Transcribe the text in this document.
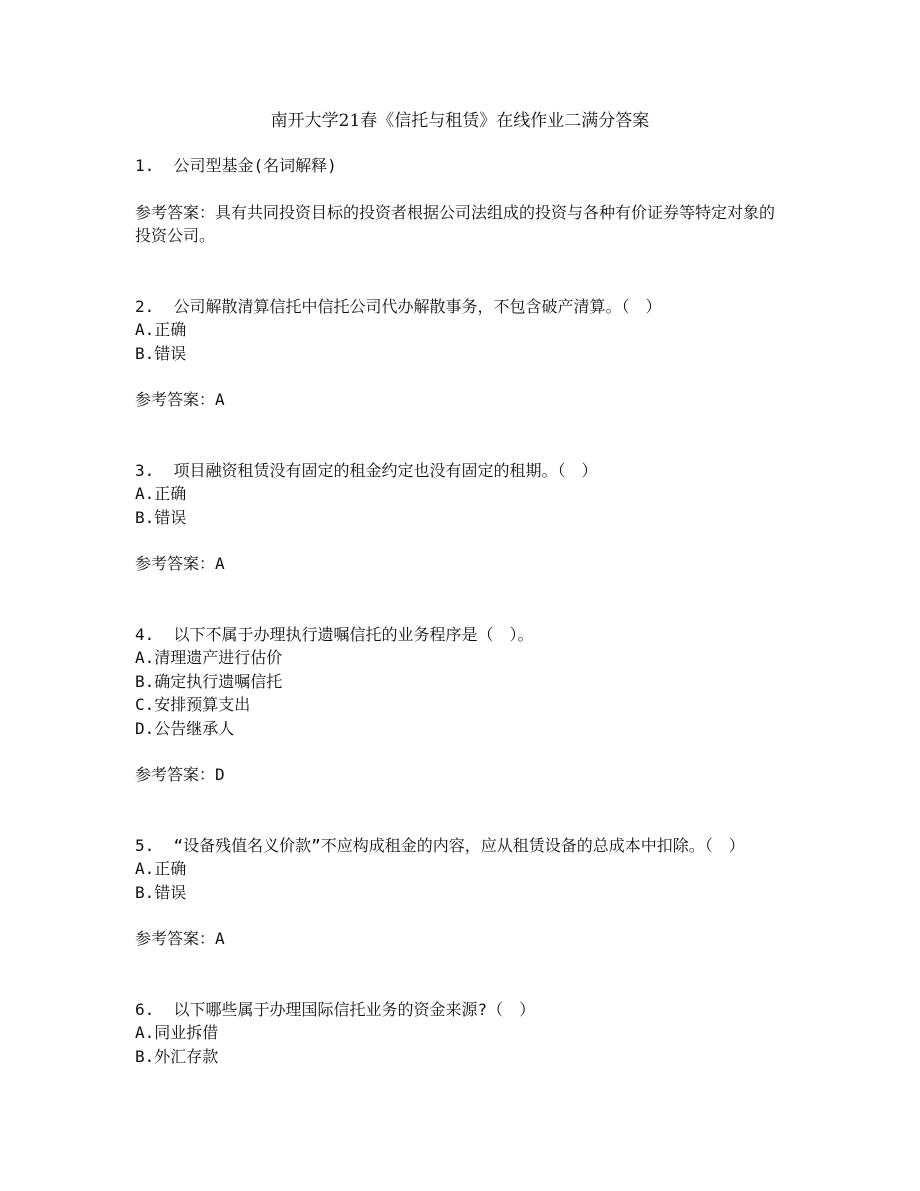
南开大学21春《信托与租赁》在线作业二满分答案

1. 公司型基金(名词解释)

参考答案：具有共同投资目标的投资者根据公司法组成的投资与各种有价证券等特定对象的投资公司。

2. 公司解散清算信托中信托公司代办解散事务，不包含破产清算。（　）

A.正确

B.错误

参考答案：A

3. 项目融资租赁没有固定的租金约定也没有固定的租期。（　）

A.正确

B.错误

参考答案：A

4. 以下不属于办理执行遗嘱信托的业务程序是（　）。

A.清理遗产进行估价

B.确定执行遗嘱信托

C.安排预算支出

D.公告继承人

参考答案：D

5. “设备残值名义价款”不应构成租金的内容，应从租赁设备的总成本中扣除。（　）

A.正确

B.错误

参考答案：A

6. 以下哪些属于办理国际信托业务的资金来源?（　）

A.同业拆借

B.外汇存款
